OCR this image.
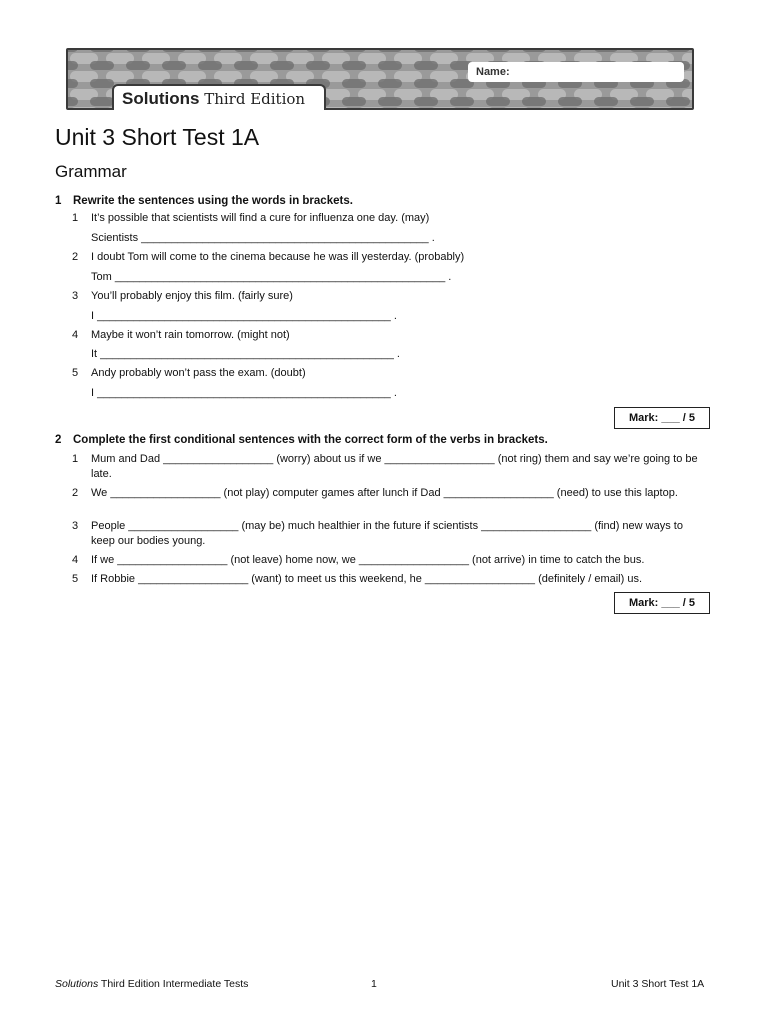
Name:
Solutions Third Edition
Unit 3 Short Test 1A
Grammar
1 Rewrite the sentences using the words in brackets.
1	It’s possible that scientists will find a cure for influenza one day. (may)
Scientists _______________________________________________ .
2	I doubt Tom will come to the cinema because he was ill yesterday. (probably)
Tom ______________________________________________________ .
3	You’ll probably enjoy this film. (fairly sure)
I ________________________________________________ .
4	Maybe it won’t rain tomorrow. (might not)
It ________________________________________________ .
5	Andy probably won’t pass the exam. (doubt)
I ________________________________________________ .
Mark: ___ / 5
2 Complete the first conditional sentences with the correct form of the verbs in brackets.
1	Mum and Dad __________________ (worry) about us if we __________________ (not ring) them and say we’re going to be late.
2	We __________________ (not play) computer games after lunch if Dad __________________ (need) to use this laptop.
3	People __________________ (may be) much healthier in the future if scientists __________________ (find) new ways to keep our bodies young.
4	If we __________________ (not leave) home now, we __________________ (not arrive) in time to catch the bus.
5	If Robbie __________________ (want) to meet us this weekend, he __________________ (definitely / email) us.
Mark: ___ / 5
Solutions Third Edition Intermediate Tests	1	Unit 3 Short Test 1A
